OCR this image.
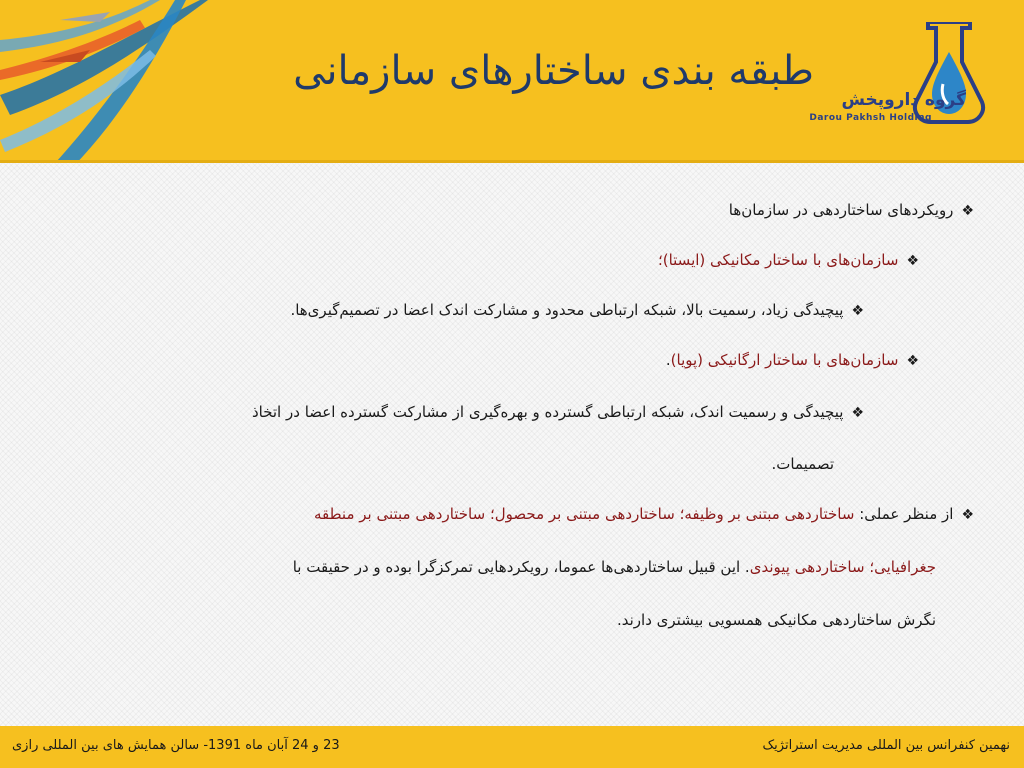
طبقه بندی ساختارهای سازمانی
گروه داروپخش
Darou Pakhsh Holding
❖رویکردهای ساختاردهی در سازمان‌ها
❖سازمان‌های با ساختار مکانیکی (ایستا)؛
❖پیچیدگی زیاد، رسمیت بالا، شبکه ارتباطی محدود و مشارکت اندک اعضا در تصمیم‌گیری‌ها.
❖سازمان‌های با ساختار ارگانیکی (پویا).
❖پیچیدگی و رسمیت اندک، شبکه ارتباطی گسترده و بهره‌گیری از مشارکت گسترده اعضا در اتخاذ
تصمیمات.
❖از منظر عملی: ساختاردهی مبتنی بر وظیفه؛ ساختاردهی مبتنی بر محصول؛ ساختاردهی مبتنی بر منطقه
جغرافیایی؛ ساختاردهی پیوندی. این قبیل ساختاردهی‌ها عموما، رویکردهایی تمرکزگرا بوده و در حقیقت با
نگرش ساختاردهی مکانیکی همسویی بیشتری دارند.
نهمین کنفرانس بین المللی مدیریت استراتژیک
23 و 24 آبان ماه 1391- سالن همایش های بین المللی رازی
